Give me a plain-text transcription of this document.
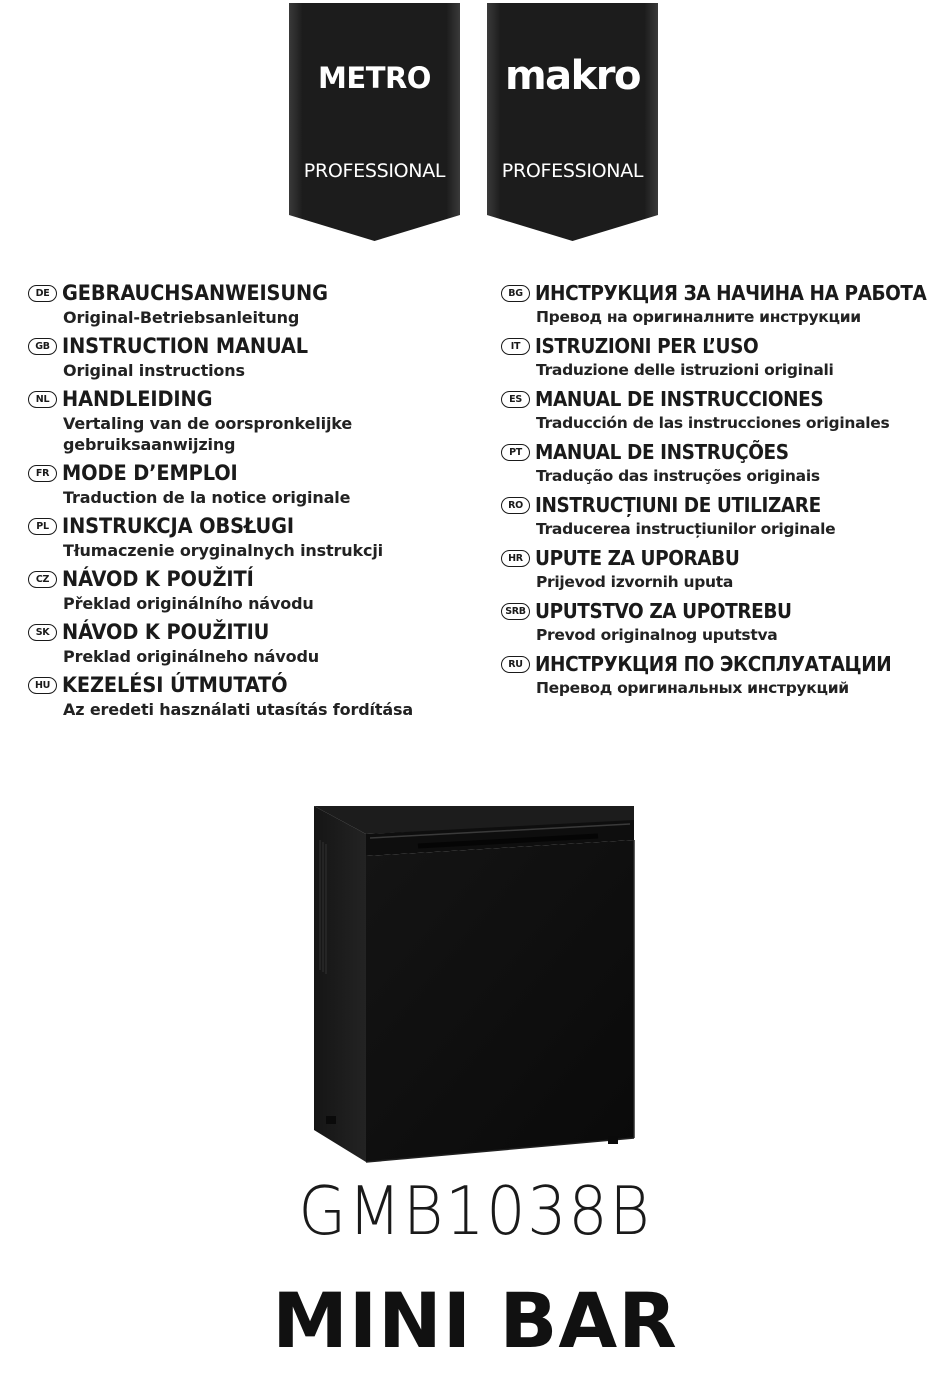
METRO
PROFESSIONAL
makro
PROFESSIONAL
DE GEBRAUCHSANWEISUNG
Original-Betriebsanleitung
GB INSTRUCTION MANUAL
Original instructions
NL HANDLEIDING
Vertaling van de oorspronkelijke gebruiksaanwijzing
FR MODE D’EMPLOI
Traduction de la notice originale
PL INSTRUKCJA OBSŁUGI
Tłumaczenie oryginalnych instrukcji
CZ NÁVOD K POUŽITÍ
Překlad originálního návodu
SK NÁVOD K POUŽITIU
Preklad originálneho návodu
HU KEZELÉSI ÚTMUTATÓ
Az eredeti használati utasítás fordítása
BG ИНСТРУКЦИЯ ЗА НАЧИНА НА РАБОТА
Превод на оригиналните инструкции
IT ISTRUZIONI PER L’USO
Traduzione delle istruzioni originali
ES MANUAL DE INSTRUCCIONES
Traducción de las instrucciones originales
PT MANUAL DE INSTRUÇÕES
Tradução das instruções originais
RO INSTRUCȚIUNI DE UTILIZARE
Traducerea instrucțiunilor originale
HR UPUTE ZA UPORABU
Prijevod izvornih uputa
SRB UPUTSTVO ZA UPOTREBU
Prevod originalnog uputstva
RU ИНСТРУКЦИЯ ПО ЭКСПЛУАТАЦИИ
Перевод оригинальных инструкций
GMB1038B
MINI BAR
